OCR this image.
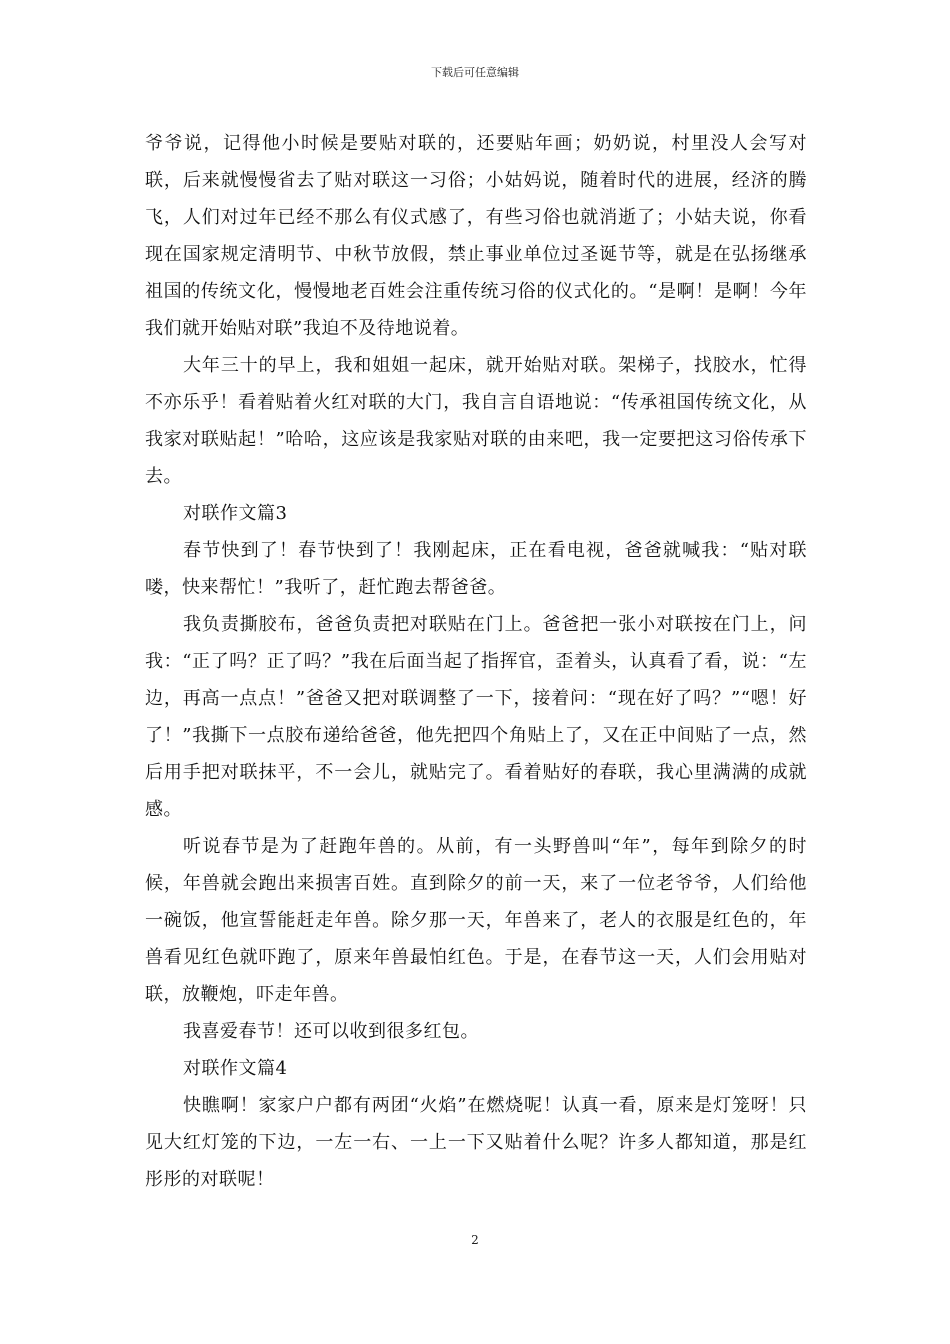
下载后可任意编辑

爷爷说，记得他小时候是要贴对联的，还要贴年画；奶奶说，村里没人会写对联，后来就慢慢省去了贴对联这一习俗；小姑妈说，随着时代的进展，经济的腾飞，人们对过年已经不那么有仪式感了，有些习俗也就消逝了；小姑夫说，你看现在国家规定清明节、中秋节放假，禁止事业单位过圣诞节等，就是在弘扬继承祖国的传统文化，慢慢地老百姓会注重传统习俗的仪式化的。“是啊！是啊！今年我们就开始贴对联”我迫不及待地说着。

大年三十的早上，我和姐姐一起床，就开始贴对联。架梯子，找胶水，忙得不亦乐乎！看着贴着火红对联的大门，我自言自语地说：“传承祖国传统文化，从我家对联贴起！”哈哈，这应该是我家贴对联的由来吧，我一定要把这习俗传承下去。

对联作文篇3

春节快到了！春节快到了！我刚起床，正在看电视，爸爸就喊我：“贴对联喽，快来帮忙！”我听了，赶忙跑去帮爸爸。

我负责撕胶布，爸爸负责把对联贴在门上。爸爸把一张小对联按在门上，问我：“正了吗？正了吗？”我在后面当起了指挥官，歪着头，认真看了看，说：“左边，再高一点点！”爸爸又把对联调整了一下，接着问：“现在好了吗？”“嗯！好了！”我撕下一点胶布递给爸爸，他先把四个角贴上了，又在正中间贴了一点，然后用手把对联抹平，不一会儿，就贴完了。看着贴好的春联，我心里满满的成就感。

听说春节是为了赶跑年兽的。从前，有一头野兽叫“年”，每年到除夕的时候，年兽就会跑出来损害百姓。直到除夕的前一天，来了一位老爷爷，人们给他一碗饭，他宣誓能赶走年兽。除夕那一天，年兽来了，老人的衣服是红色的，年兽看见红色就吓跑了，原来年兽最怕红色。于是，在春节这一天，人们会用贴对联，放鞭炮，吓走年兽。

我喜爱春节！还可以收到很多红包。

对联作文篇4

快瞧啊！家家户户都有两团“火焰”在燃烧呢！认真一看，原来是灯笼呀！只见大红灯笼的下边，一左一右、一上一下又贴着什么呢？许多人都知道，那是红彤彤的对联呢！

2
